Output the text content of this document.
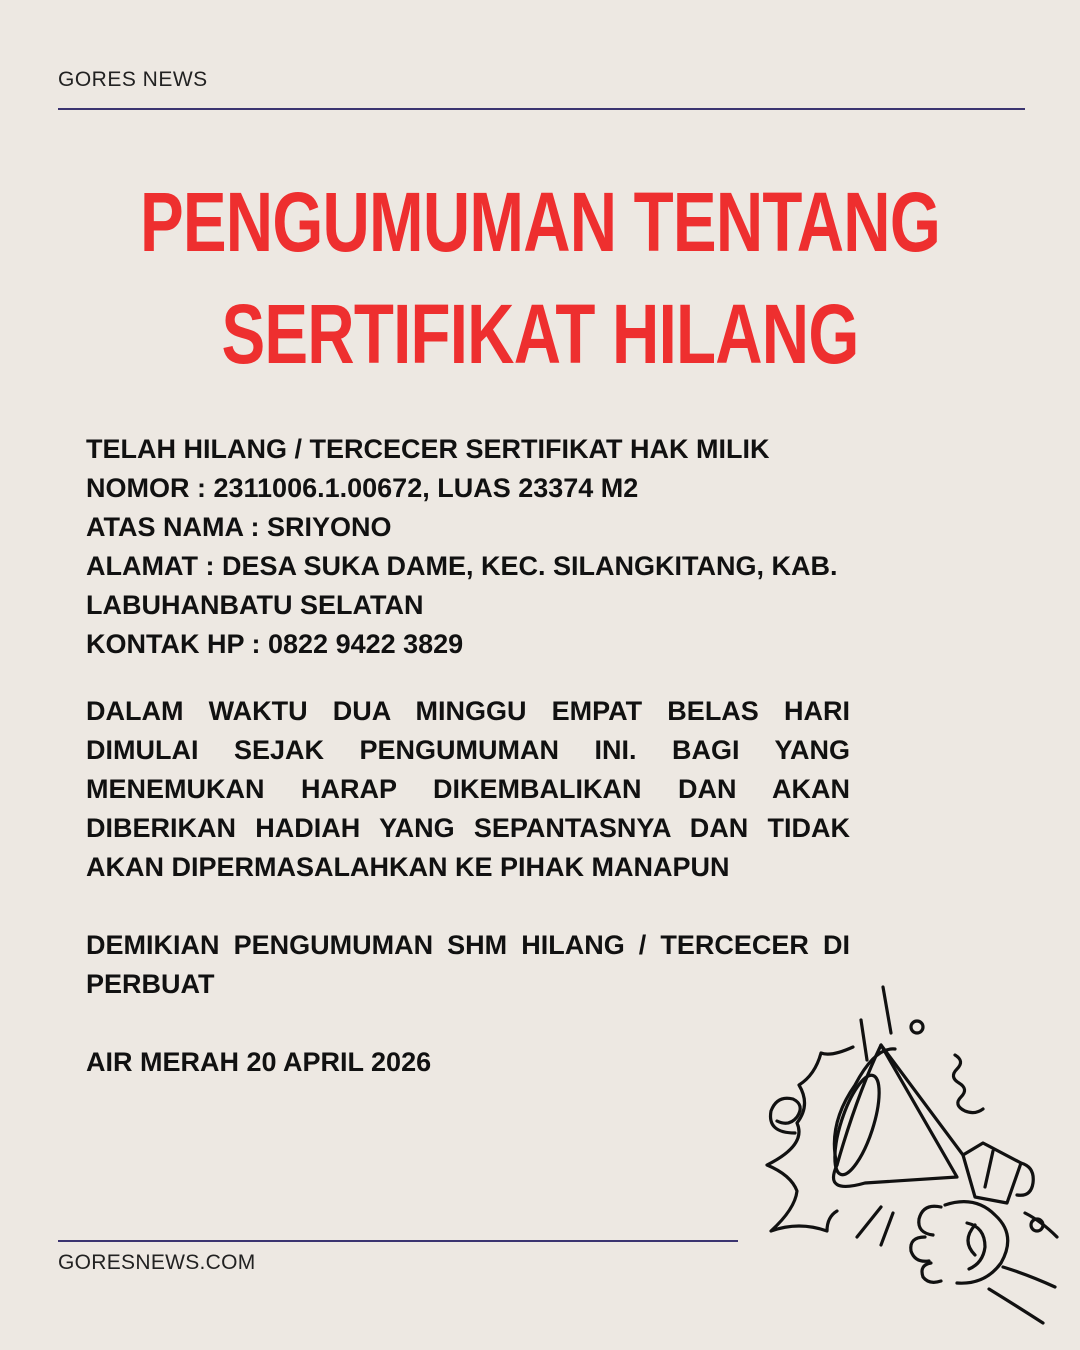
GORES NEWS
PENGUMUMAN TENTANG
SERTIFIKAT HILANG
TELAH HILANG / TERCECER SERTIFIKAT HAK MILIK
NOMOR : 2311006.1.00672, LUAS 23374 M2
ATAS NAMA : SRIYONO
ALAMAT : DESA SUKA DAME, KEC. SILANGKITANG, KAB.
LABUHANBATU SELATAN
KONTAK HP : 0822 9422 3829
DALAM WAKTU DUA MINGGU EMPAT BELAS HARI DIMULAI SEJAK PENGUMUMAN INI. BAGI YANG MENEMUKAN HARAP DIKEMBALIKAN DAN AKAN DIBERIKAN HADIAH YANG SEPANTASNYA DAN TIDAK AKAN DIPERMASALAHKAN KE PIHAK MANAPUN
DEMIKIAN PENGUMUMAN SHM HILANG / TERCECER DI PERBUAT
AIR MERAH 20 APRIL 2026
GORESNEWS.COM
